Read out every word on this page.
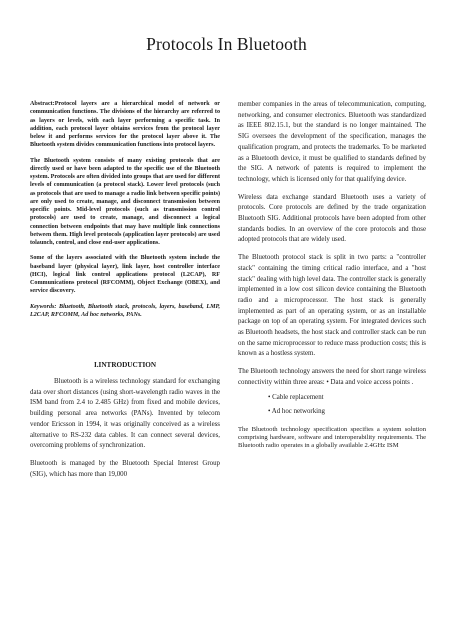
Protocols In Bluetooth

Abstract:Protocol layers are a hierarchical model of network or communication functions. The divisions of the hierarchy are referred to as layers or levels, with each layer performing a specific task. In addition, each protocol layer obtains services from the protocol layer below it and performs services for the protocol layer above it. The Bluetooth system divides communication functions into protocol layers.

The Bluetooth system consists of many existing protocols that are directly used or have been adapted to the specific use of the Bluetooth system. Protocols are often divided into groups that are used for different levels of communication (a protocol stack). Lower level protocols (such as protocols that are used to manage a radio link between specific points) are only used to create, manage, and disconnect transmission between specific points. Mid-level protocols (such as transmission control protocols) are used to create, manage, and disconnect a logical connection between endpoints that may have multiple link connections between them. High level protocols (application layer protocols) are used tolaunch, control, and close end-user applications.

Some of the layers associated with the Bluetooth system include the baseband layer (physical layer), link layer, host controller interface (HCI), logical link control applications protocol (L2CAP), RF Communications protocol (RFCOMM), Object Exchange (OBEX), and service discovery.

Keywords: Bluetooth, Bluetooth stack, protocols, layers, baseband, LMP, L2CAP, RFCOMM, Ad hoc networks, PANs.

I.INTRODUCTION

Bluetooth is a wireless technology standard for exchanging data over short distances (using short-wavelength radio waves in the ISM band from 2.4 to 2.485 GHz) from fixed and mobile devices, building personal area networks (PANs). Invented by telecom vendor Ericsson in 1994, it was originally conceived as a wireless alternative to RS-232 data cables. It can connect several devices, overcoming problems of synchronization.

Bluetooth is managed by the Bluetooth Special Interest Group (SIG), which has more than 19,000

member companies in the areas of telecommunication, computing, networking, and consumer electronics. Bluetooth was standardized as IEEE 802.15.1, but the standard is no longer maintained. The SIG oversees the development of the specification, manages the qualification program, and protects the trademarks. To be marketed as a Bluetooth device, it must be qualified to standards defined by the SIG. A network of patents is required to implement the technology, which is licensed only for that qualifying device.

Wireless data exchange standard Bluetooth uses a variety of protocols. Core protocols are defined by the trade organization Bluetooth SIG. Additional protocols have been adopted from other standards bodies. In an overview of the core protocols and those adopted protocols that are widely used.

The Bluetooth protocol stack is split in two parts: a "controller stack" containing the timing critical radio interface, and a "host stack" dealing with high level data. The controller stack is generally implemented in a low cost silicon device containing the Bluetooth radio and a microprocessor. The host stack is generally implemented as part of an operating system, or as an installable package on top of an operating system. For integrated devices such as Bluetooth headsets, the host stack and controller stack can be run on the same microprocessor to reduce mass production costs; this is known as a hostless system.

The Bluetooth technology answers the need for short range wireless connectivity within three areas: • Data and voice access points .

• Cable replacement
• Ad hoc networking

The Bluetooth technology specification specifies a system solution comprising hardware, software and interoperability requirements. The Bluetooth radio operates in a globally available 2.4GHz ISM
